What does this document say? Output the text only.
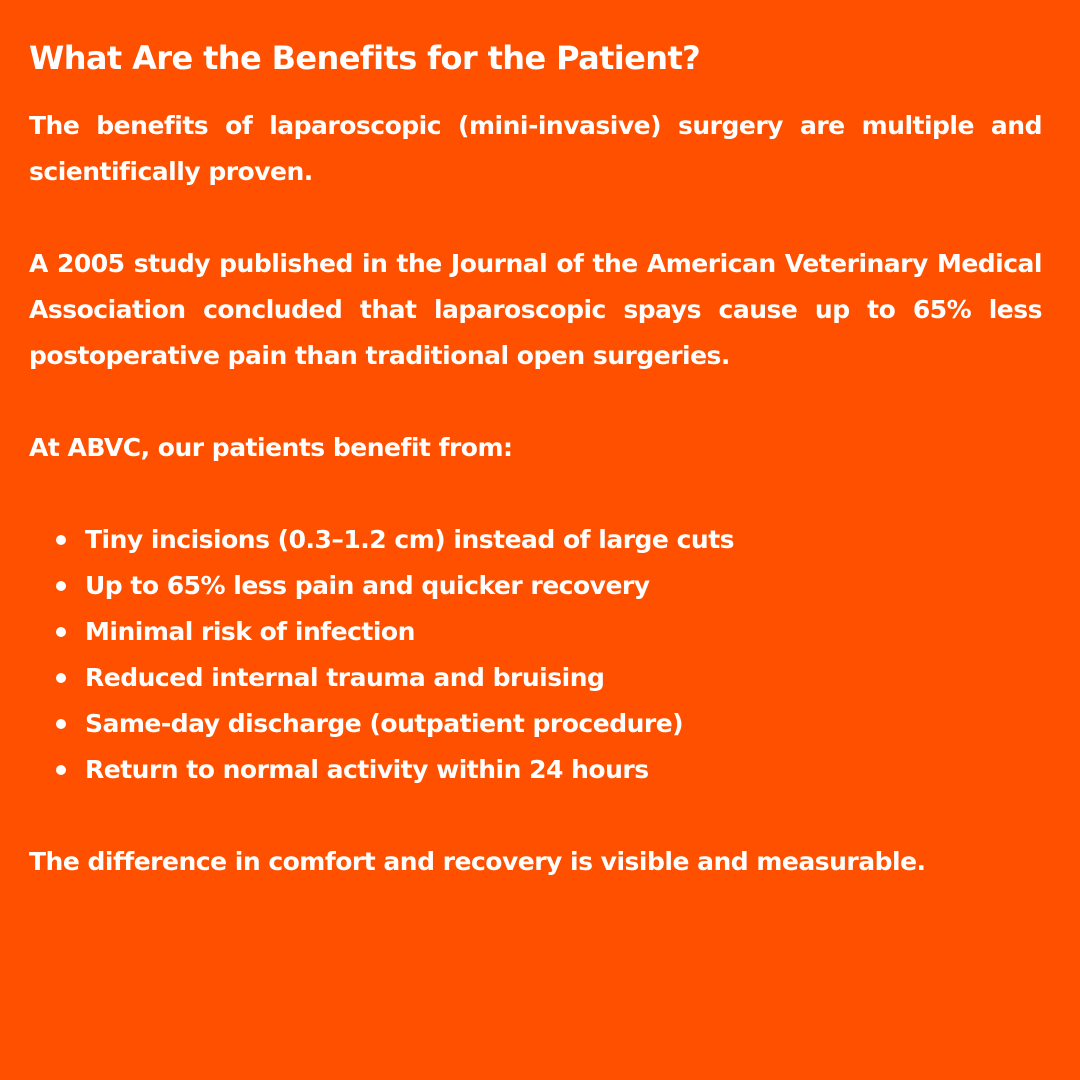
What Are the Benefits for the Patient?

The benefits of laparoscopic (mini-invasive) surgery are multiple and scientifically proven.

A 2005 study published in the Journal of the American Veterinary Medical Association concluded that laparoscopic spays cause up to 65% less postoperative pain than traditional open surgeries.

At ABVC, our patients benefit from:

Tiny incisions (0.3–1.2 cm) instead of large cuts
Up to 65% less pain and quicker recovery
Minimal risk of infection
Reduced internal trauma and bruising
Same-day discharge (outpatient procedure)
Return to normal activity within 24 hours

The difference in comfort and recovery is visible and measurable.
